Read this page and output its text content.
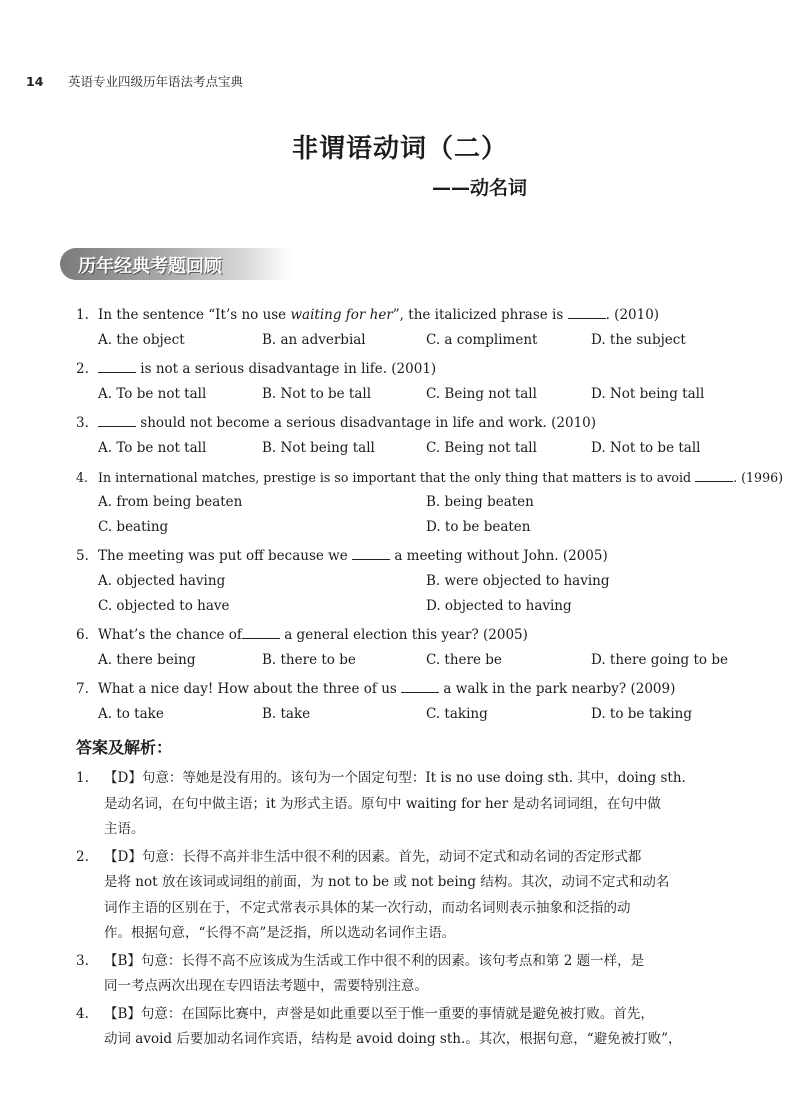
14 英语专业四级历年语法考点宝典
非谓语动词（二）
——动名词
历年经典考题回顾
1. In the sentence “It’s no use waiting for her”, the italicized phrase is	. (2010)
A. the object	B. an adverbial	C. a compliment	D. the subject
2.	is not a serious disadvantage in life. (2001)
A. To be not tall	B. Not to be tall	C. Being not tall	D. Not being tall
3.	should not become a serious disadvantage in life and work. (2010)
A. To be not tall	B. Not being tall	C. Being not tall	D. Not to be tall
4. In international matches, prestige is so important that the only thing that matters is to avoid	. (1996)
A. from being beaten	B. being beaten
C. beating	D. to be beaten
5. The meeting was put off because we	a meeting without John. (2005)
A. objected having	B. were objected to having
C. objected to have	D. objected to having
6. What’s the chance of	a general election this year? (2005)
A. there being	B. there to be	C. there be	D. there going to be
7. What a nice day! How about the three of us	a walk in the park nearby? (2009)
A. to take	B. take	C. taking	D. to be taking
答案及解析：
1. 【D】句意：等她是没有用的。该句为一个固定句型：It is no use doing sth. 其中，doing sth.
是动名词，在句中做主语；it 为形式主语。原句中 waiting for her 是动名词词组，在句中做
主语。
2. 【D】句意：长得不高并非生活中很不利的因素。首先，动词不定式和动名词的否定形式都
是将 not 放在该词或词组的前面，为 not to be 或 not being 结构。其次，动词不定式和动名
词作主语的区别在于，不定式常表示具体的某一次行动，而动名词则表示抽象和泛指的动
作。根据句意，“长得不高”是泛指，所以选动名词作主语。
3. 【B】句意：长得不高不应该成为生活或工作中很不利的因素。该句考点和第 2 题一样，是
同一考点两次出现在专四语法考题中，需要特别注意。
4. 【B】句意：在国际比赛中，声誉是如此重要以至于惟一重要的事情就是避免被打败。首先，
动词 avoid 后要加动名词作宾语，结构是 avoid doing sth.。其次，根据句意，“避免被打败”，
